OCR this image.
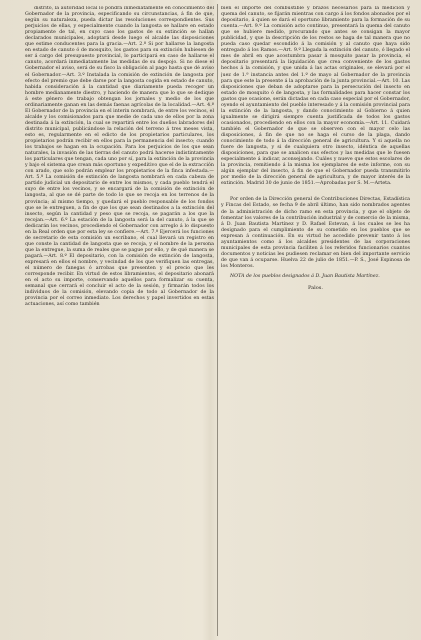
distrito, la autoridad local lo pondrá inmediatamente en conocimiento del Gobernador de la provincia, especificando su circunstancias, á fin de que, según su naturaleza, pueda dictar las resoluciones correspondientes. Sus perjuicios de ellas, y especialmente cuando la langosta se hallare en estado propiamente de tal, en cuyo caso los gastos de su extinción se hallan declarados municipales, adoptará desde luego el alcalde las disposiciones que estime conducentes para la gracia.—Art. 2.º Si por hallarse la langosta en estado de canuto ó de mosquito, los gastos para su extinción hubiesen de ser á cargo del presupuesto provincial, lo participará en caso de hallarse el canuto, acordará inmediatamente las medidas de su despojo. Si no diese el Gobernador el aviso, será de su fisco la obligación al pago hasta que dé aviso el Gobernador.—Art. 3.º Instalada la comisión de extinción de langosta por efecto del premio que debe darse por la langosta cogida en estado de canuto, habida consideración á la cantidad que diariamente pueda recoger un hombre medianamente diestro, y haciendo de manera que lo que se dedique á este género de trabajo obtengan los jornales y medio de los que ordinariamente ganan en las demás faenas agrícolas de la localidad.—Art. 4.º El Gobernador de la provincia en el interin nombrará, de entre los vecinos, el alcalde y los comisionados para que medie de cada uno de ellos por la zona destinada á la extinción, la cual se repartirá entre los dueños labradores del distrito municipal, publicándose la relación del terreno á tres meses vista, esto es, regularmente en el edicto de los propietarios particulares, los propietarios podrán recibir en ellos para la permanencia del insecto; cuando los trabajos se hagan en la ocupación. Para los perjuicios de los que sean naturales, la invasión de las tierras del canuto podrá hacerse indistintamente los particulares que tengan, cada uno por sí, para la extinción de la provincia y bajo el sistema que crean más oportuno y expeditivo que el de la extracción con arado, que solo podrán emplear los propietarios de la finca infestada.—Art. 5.º La comisión de extinción de langosta nombrará en cada cabeza de partido judicial un depositario de entre los mismos, y cada pueblo tendrá el suyo de entre los vecinos, y se encargará de la comisión de extinción de langosta, al que se dé parte de todo lo que se recoja en los terrenos de la provincia; al mismo tiempo, y quedará el pueblo responsable de los fondos que se le entreguen, a fin de que los que sean destinados a la extinción del insecto, según la cantidad y peso que se recoja, se pagarán a los que la recojan.—Art. 6.º La estación de la langosta será la del canuto, á la que se dedicarán los vecinos, procediendo el Gobernador con arreglo á lo dispuesto en la Real orden que por esta ley se confiere.—Art. 7.º Ejercerá los funciones de secretario de esta comisión un escribano, el cual llevará un registro en que conste la cantidad de langosta que se recoja, y el nombre de la persona que la entregue, la suma de reales que se pague por ello, y de qué manera se pagará.—Art. 8.º El depositario, con la comisión de extinción de langosta, expresará en ellos el nombre, y vecindad de los que verifiquen las entregas, el número de fanegas ó arrobas que presenten y el precio que les corresponde recibir. En virtud de estos libramientos, el depositario abonará en el acto su importe, conservando aquellos para formalizar su cuenta, semanal que cerrará el concluir el acto de la sesión, y firmarán todos los individuos de la comisión, elevando copia de todo al Gobernador de la provincia por el correo inmediato. Los derechos y papel invertidos en estas actuaciones, así como también

bien el importe del combustible y brazos necesarios para la medición y quema del canuto, se fijarán mientras con cargo á los fondos abonados por el depositario, á quien se dará el oportuno libramiento para la formación de su cuenta.—Art. 9.º La comisión acto continuo, presentará la quema del canuto que se hubiere medido, procurando que antes se consigan la mayor publicidad, y que la descripción de los restos se haga de tal manera que no pueda caso quedar escondido á la comisión y al canuto que haya sido entregado á los Ramos.—Art. 9.º Llegada la extinción del canuto, ó llegado el mes de abril en que acostumbra pasar á mosquito pasar la provincia, el depositario presentará la liquidación que crea conveniente de los gastos hechos á la comisión, y que unida á las actas originales, se elevará por el juez de 1.ª instancia antes del 1.º de mayo al Gobernador de la provincia para que este la presente á la aprobación de la junta provincial.—Art. 10. Las disposiciones que deban de adoptarse para la persecución del insecto en estado de mosquito ó de langosta, y las formalidades para hacer constar los gastos que ocasione, serán dictadas en cada caso especial por el Gobernador, oyendo el ayuntamiento del pueblo interesado y á la comisión provincial para la extinción de la langosta, y dando conocimiento al Gobierno á quien igualmente se dirigirá siempre cuenta justificada de todos los gastos ocasionados, procediendo en ellos con la mayor economía.—Art. 11. Cuidará también el Gobernador de que se observen con el mayor celo las disposiciones, á fin de que no se haga el curso de la plaga, dando conocimiento de todo á la dirección general de agricultura. Y si aquella no fuere de langosta, y si de cualquiera otro insecto, idéntica de aquellas disposiciones, para que se analicen sus efectos y las medidas que le fuesen especialmente á indicar, aconsejando. Cuáles y nueve que estos escolares de la provincia, remitiendo á la misma los ejemplares de este informe, con su algún ejemplar del insecto, á fin de que el Gobernador pueda transmitirlo por medio de la dirección general de agricultura, y de mayor interés de la extinción. Madrid 30 de junio de 1851.—Aprobadas por S. M.—Arteta.

Por orden de la Dirección general de Contribuciones Directas, Estadística y Fincas del Estado, se fecha 9 de abril último, han sido nombrados agentes de la administración de dicho ramo en esta provincia, y que el objeto de fomentar los valores de la contribución industrial y de comercio de la misma, á D. Juan Bautista Martínez y D. Rafael Estevan, á los cuales se les ha designado para el cumplimiento de su cometido en los pueblos que se expresan á continuación. En su virtud he accedido prevenir tanto á los ayuntamientos como á los alcaldes presidentes de las corporaciones municipales de esta provincia faciliten á los referidos funcionarios cuantos documentos y noticias les pudiesen reclamar en bien del importante servicio de que van á ocuparse. Huelva 22 de julio de 1851.—P. S., José Espinosa de los Monteros.

NOTA de los pueblos designados á D. Juan Bautista Martínez.

Palos.
